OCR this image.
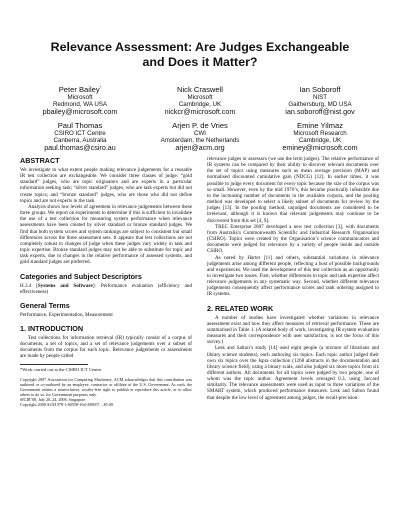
Relevance Assessment: Are Judges Exchangeable
and Does it Matter?
Peter Bailey*
Microsoft
Redmond, WA USA
pbailey@microsoft.com
Nick Craswell
Microsoft
Cambridge, UK
nickcr@microsoft.com
Ian Soboroff
NIST
Gaithersburg, MD USA
ian.soboroff@nist.gov
Paul Thomas
CSIRO ICT Centre
Canberra, Australia
paul.thomas@csiro.au
Arjen P. de Vries
CWI
Amsterdam, the Netherlands
arjen@acm.org
Emine Yilmaz
Microsoft Research
Cambridge, UK
eminey@microsoft.com
ABSTRACT

We investigate to what extent people making relevance judgements for a reusable IR test collection are exchangeable. We consider three classes of judge: “gold standard” judges, who are topic originators and are experts in a particular information seeking task; “silver standard” judges, who are task experts but did not create topics; and “bronze standard” judges, who are those who did not define topics and are not experts in the task.

Analysis shows low levels of agreement in relevance judgements between these three groups. We report on experiments to determine if this is sufficient to invalidate the use of a test collection for measuring system performance when relevance assessments have been created by silver standard or bronze standard judges. We find that both system scores and system rankings are subject to consistent but small differences across the three assessment sets. It appears that test collections are not completely robust to changes of judge when these judges vary widely in task and topic expertise. Bronze standard judges may not be able to substitute for topic and task experts, due to changes in the relative performance of assessed systems, and gold standard judges are preferred.

Categories and Subject Descriptors

H.3.4 [Systems and Software]: Performance evaluation (efficiency and effectiveness)

General Terms

Performance, Experimentation, Measurement

1. INTRODUCTION

Test collections for information retrieval (IR) typically consist of a corpus of documents, a set of topics, and a set of relevance judgements over a subset of documents from the corpus for each topic. Relevance judgements or assessments are made by people called

*Work carried out at the CSIRO ICT Centre.

Copyright 2007 Association for Computing Machinery. ACM acknowledges that this contribution was authored or co-authored by an employee, contractor or affiliate of the U.S. Government. As such, the Government retains a nonexclusive, royalty-free right to publish or reproduce this article, or to allow others to do so, for Government purposes only.
SIGIR’08, July 20–24, 2008, Singapore.
Copyright 2008 ACM 978-1-60558-164-4/08/07 ...$5.00.

relevance judges or assessors (we use the term judges). The relative performance of IR systems can be compared by their ability to discover relevant documents over the set of topics using measures such as mean average precision (MAP) and normalised discounted cumulative gain (NDCG) [12]. In earlier times, it was possible to judge every document for every topic because the size of the corpus was so small. However, even by the mid 1970’s, this became practically infeasible due to the increasing number of documents in the available corpora, and the pooling method was developed to select a likely subset of documents for review by the judges [13]. In the pooling method, unjudged documents are considered to be irrelevant, although it is known that relevant judgements may continue to be discovered from this set [4, 9].

TREC Enterprise 2007 developed a new test collection [3], with documents from Australia’s Commonwealth Scientific and Industrial Research Organisation (CSIRO). Topics were created by the Organisation’s science communicators and documents were judged for relevance by a variety of people inside and outside CSIRO.

As noted by Harter [11] and others, substantial variations in relevance judgements arise among different people, reflecting a host of possible backgrounds and experiences. We used the development of this test collection as an opportunity to investigate two issues. First, whether differences in topic and task expertise affect relevance judgements in any systematic way. Second, whether different relevance judgements consequently affect performance scores and rank ordering assigned to IR systems.

2. RELATED WORK

A number of studies have investigated whether variations in relevance assessment exist and how they affect measures of retrieval performance. These are summarised in Table 1. (A related body of work, investigating IR system evaluation measures and their correspondence with user satisfaction, is not the focus of this survey.)

Lesk and Salton’s study [14] used eight people (a mixture of librarians and library science students), each authoring six topics. Each topic author judged their own six topics over the Ispra collection (1268 abstracts in the documentation and library science field), using a binary scale, and also judged six more topics from six different authors. All documents for all topics were judged by two people, one of whom was the topic author. Agreement levels averaged 0.3, using Jaccard similarity. The relevance assessments were used as input to three variations of the SMART system, which produced performance measures. Lesk and Salton found that despite the low level of agreement among judges, the recall-precision
